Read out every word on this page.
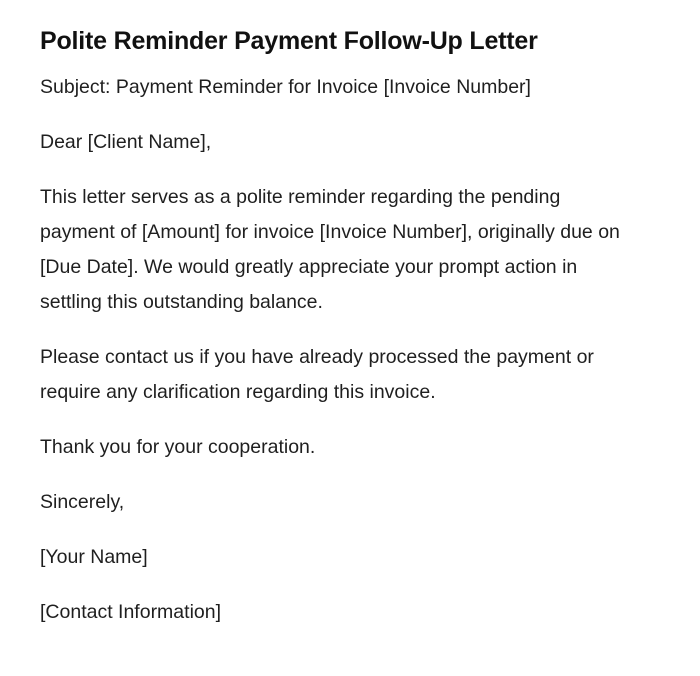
Polite Reminder Payment Follow-Up Letter

Subject: Payment Reminder for Invoice [Invoice Number]

Dear [Client Name],

This letter serves as a polite reminder regarding the pending payment of [Amount] for invoice [Invoice Number], originally due on [Due Date]. We would greatly appreciate your prompt action in settling this outstanding balance.

Please contact us if you have already processed the payment or require any clarification regarding this invoice.

Thank you for your cooperation.

Sincerely,

[Your Name]

[Contact Information]
